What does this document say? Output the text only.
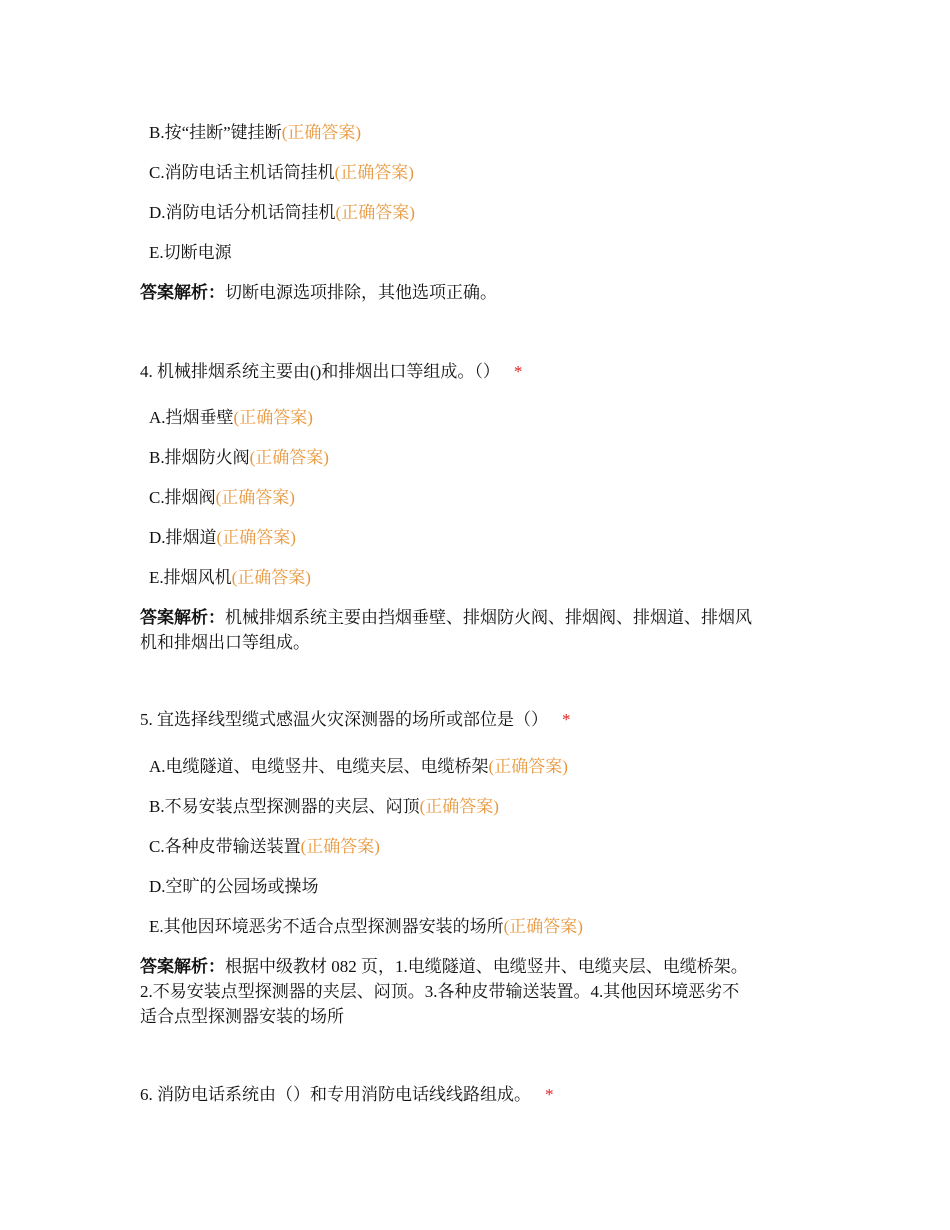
B.按“挂断”键挂断(正确答案)
C.消防电话主机话筒挂机(正确答案)
D.消防电话分机话筒挂机(正确答案)
E.切断电源
答案解析：切断电源选项排除，其他选项正确。
4. 机械排烟系统主要由()和排烟出口等组成。（） *
A.挡烟垂壁(正确答案)
B.排烟防火阀(正确答案)
C.排烟阀(正确答案)
D.排烟道(正确答案)
E.排烟风机(正确答案)
答案解析：机械排烟系统主要由挡烟垂壁、排烟防火阀、排烟阀、排烟道、排烟风
机和排烟出口等组成。
5. 宜选择线型缆式感温火灾深测器的场所或部位是（） *
A.电缆隧道、电缆竖井、电缆夹层、电缆桥架(正确答案)
B.不易安装点型探测器的夹层、闷顶(正确答案)
C.各种皮带输送装置(正确答案)
D.空旷的公园场或操场
E.其他因环境恶劣不适合点型探测器安装的场所(正确答案)
答案解析：根据中级教材 082 页，1.电缆隧道、电缆竖井、电缆夹层、电缆桥架。
2.不易安装点型探测器的夹层、闷顶。3.各种皮带输送装置。4.其他因环境恶劣不
适合点型探测器安装的场所
6. 消防电话系统由（）和专用消防电话线线路组成。 *
